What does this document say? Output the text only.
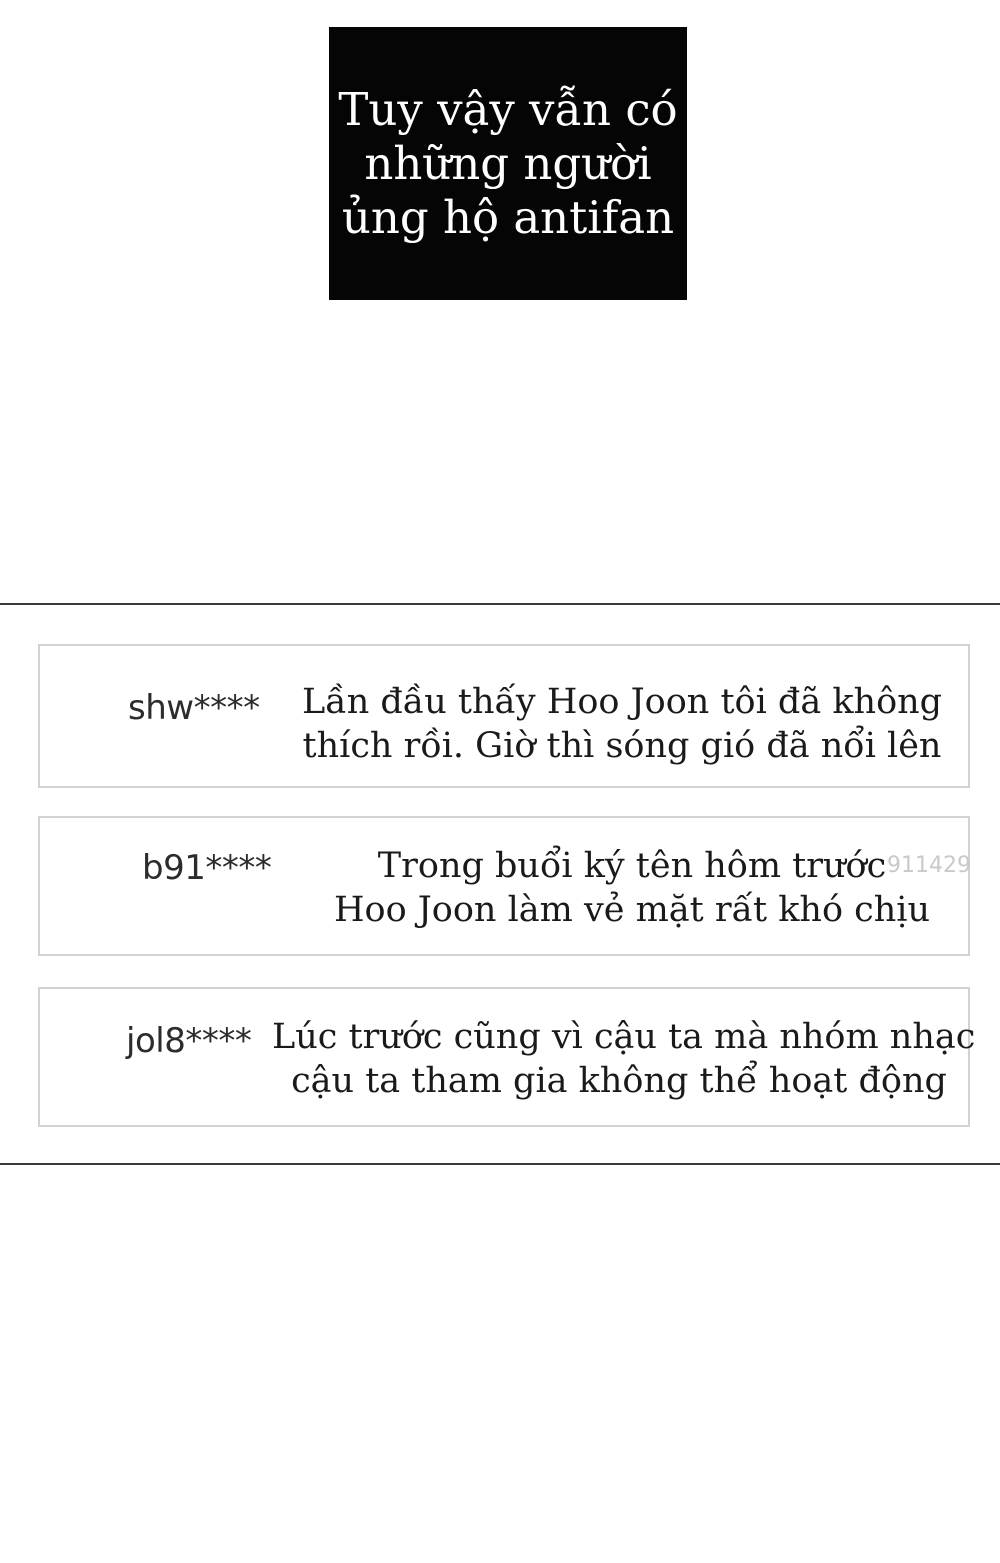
Tuy vậy vẫn có
những người
ủng hộ antifan
shw**** Lần đầu thấy Hoo Joon tôi đã không
thích rồi. Giờ thì sóng gió đã nổi lên
b91****	Trong buổi ký tên hôm trước
Hoo Joon làm vẻ mặt rất khó chịu
jol8**** Lúc trước cũng vì cậu ta mà nhóm nhạc
cậu ta tham gia không thể hoạt động
911429
